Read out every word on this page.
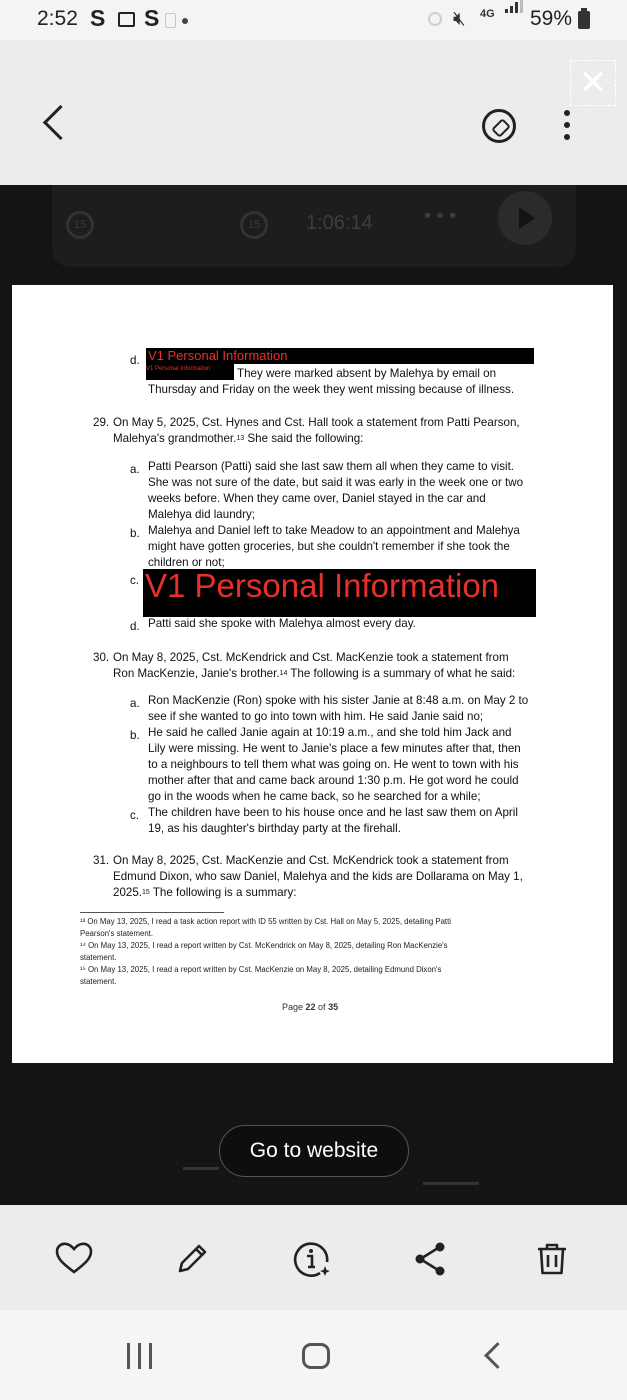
2:52 S S	🔇︎ 4G 59%
✕
15	15	1:06:14	• • •
d. V1 Personal Information
V1 Personal Information	They were marked absent by Malehya by email on
Thursday and Friday on the week they went missing because of illness.
29. On May 5, 2025, Cst. Hynes and Cst. Hall took a statement from Patti Pearson,
Malehya's grandmother.$^{13}$ She said the following:
a. Patti Pearson (Patti) said she last saw them all when they came to visit.
She was not sure of the date, but said it was early in the week one or two
weeks before. When they came over, Daniel stayed in the car and
Malehya did laundry;
b. Malehya and Daniel left to take Meadow to an appointment and Malehya
might have gotten groceries, but she couldn't remember if she took the
children or not;
c. V1 Personal Information
d. Patti said she spoke with Malehya almost every day.
30. On May 8, 2025, Cst. McKendrick and Cst. MacKenzie took a statement from
Ron MacKenzie, Janie's brother.$^{14}$ The following is a summary of what he said:
a. Ron MacKenzie (Ron) spoke with his sister Janie at 8:48 a.m. on May 2 to
see if she wanted to go into town with him. He said Janie said no;
b. He said he called Janie again at 10:19 a.m., and she told him Jack and
Lily were missing. He went to Janie's place a few minutes after that, then
to a neighbours to tell them what was going on. He went to town with his
mother after that and came back around 1:30 p.m. He got word he could
go in the woods when he came back, so he searched for a while;
c. The children have been to his house once and he last saw them on April
19, as his daughter's birthday party at the firehall.
31. On May 8, 2025, Cst. MacKenzie and Cst. McKendrick took a statement from
Edmund Dixon, who saw Daniel, Malehya and the kids are Dollarama on May 1,
2025.15 The following is a summary:
¹³ On May 13, 2025, I read a task action report with ID 55 written by Cst. Hall on May 5, 2025, detailing Patti
Pearson's statement.
¹⁴ On May 13, 2025, I read a report written by Cst. McKendrick on May 8, 2025, detailing Ron MacKenzie's
statement.
¹⁵ On May 13, 2025, I read a report written by Cst. MacKenzie on May 8, 2025, detailing Edmund Dixon's
statement.
Page 22 of 35
Go to website
